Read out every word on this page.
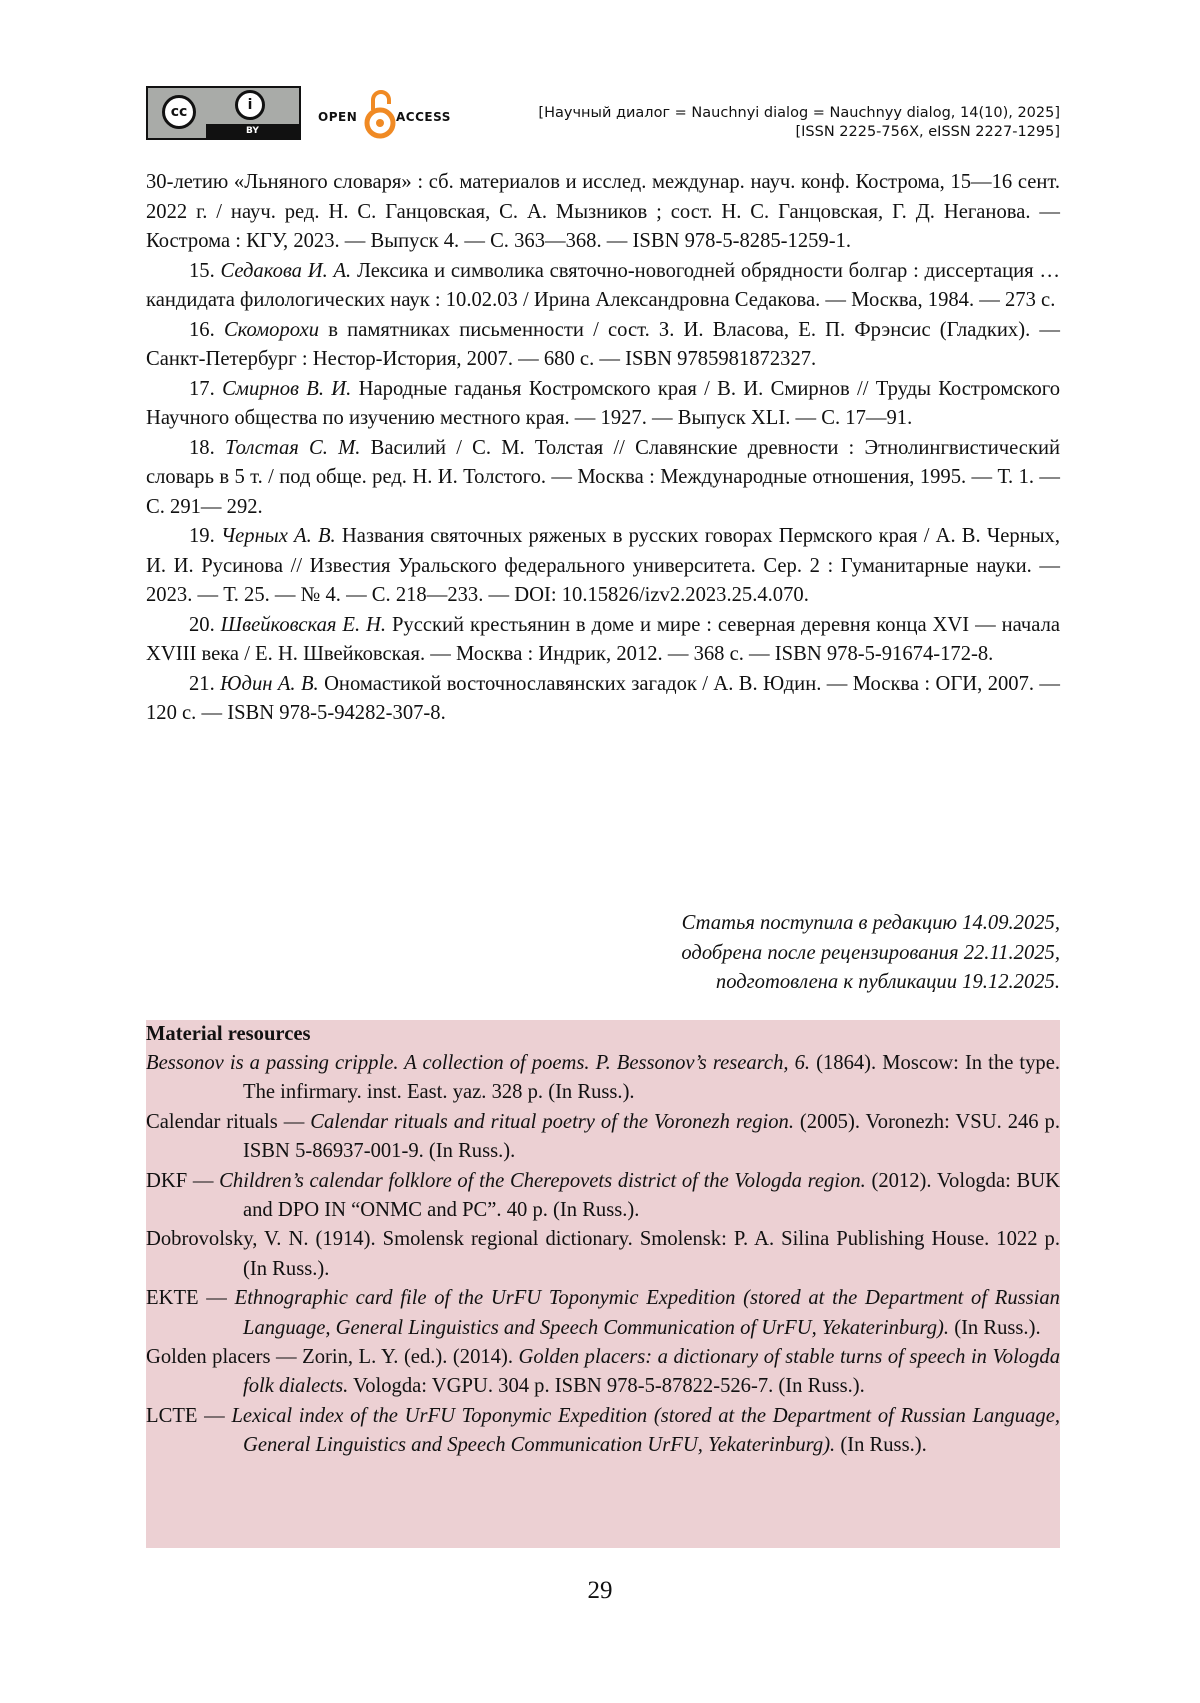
cc	i
BY
OPEN	ACCESS	[Научный диалог = Nauchnyi dialog = Nauchnyy dialog, 14(10), 2025]
[ISSN 2225-756X, eISSN 2227-1295]

30-летию «Льняного словаря» : сб. материалов и исслед. междунар. науч. конф. Кострома, 15—16 сент. 2022 г. / науч. ред. Н. С. Ганцовская, С. А. Мызников ; сост. Н. С. Ганцовская, Г. Д. Неганова. — Кострома : КГУ, 2023. — Выпуск 4. — С. 363—368. — ISBN 978-5-8285-1259-1.

15. Седакова И. А. Лексика и символика святочно-новогодней обрядности болгар : диссертация … кандидата филологических наук : 10.02.03 / Ирина Александровна Седакова. — Москва, 1984. — 273 с.

16. Скоморохи в памятниках письменности / сост. З. И. Власова, Е. П. Фрэнсис (Гладких). — Санкт-Петербург : Нестор-История, 2007. — 680 с. — ISBN 9785981872327.

17. Смирнов В. И. Народные гаданья Костромского края / В. И. Смирнов // Труды Костромского Научного общества по изучению местного края. — 1927. — Выпуск XLI. — С. 17—91.

18. Толстая С. М. Василий / С. М. Толстая // Славянские древности : Этнолингвистический словарь в 5 т. / под обще. ред. Н. И. Толстого. — Москва : Международные отношения, 1995. — Т. 1. — С. 291— 292.

19. Черных А. В. Названия святочных ряженых в русских говорах Пермского края / А. В. Черных, И. И. Русинова // Известия Уральского федерального университета. Сер. 2 : Гуманитарные науки. — 2023. — Т. 25. — № 4. — С. 218—233. — DOI: 10.15826/izv2.2023.25.4.070.

20. Швейковская Е. Н. Русский крестьянин в доме и мире : северная деревня конца XVI — начала XVIII века / Е. Н. Швейковская. — Москва : Индрик, 2012. — 368 с. — ISBN 978-5-91674-172-8.

21. Юдин А. В. Ономастикой восточнославянских загадок / А. В. Юдин. — Москва : ОГИ, 2007. — 120 с. — ISBN 978-5-94282-307-8.

Статья поступила в редакцию 14.09.2025,
одобрена после рецензирования 22.11.2025,
подготовлена к публикации 19.12.2025.
Material resources

Bessonov is a passing cripple. A collection of poems. P. Bessonov’s research, 6. (1864). Moscow: In the type. The infirmary. inst. East. yaz. 328 p. (In Russ.).

Calendar rituals — Calendar rituals and ritual poetry of the Voronezh region. (2005). Voronezh: VSU. 246 p. ISBN 5-86937-001-9. (In Russ.).

DKF — Children’s calendar folklore of the Cherepovets district of the Vologda region. (2012). Vologda: BUK and DPO IN “ONMC and PC”. 40 p. (In Russ.).

Dobrovolsky, V. N. (1914). Smolensk regional dictionary. Smolensk: P. A. Silina Publishing House. 1022 p. (In Russ.).

EKTE — Ethnographic card file of the UrFU Toponymic Expedition (stored at the Department of Russian Language, General Linguistics and Speech Communication of UrFU, Yekaterinburg). (In Russ.).

Golden placers — Zorin, L. Y. (ed.). (2014). Golden placers: a dictionary of stable turns of speech in Vologda folk dialects. Vologda: VGPU. 304 p. ISBN 978-5-87822-526-7. (In Russ.).

LCTE — Lexical index of the UrFU Toponymic Expedition (stored at the Department of Russian Language, General Linguistics and Speech Communication UrFU, Yekaterinburg). (In Russ.).

29
